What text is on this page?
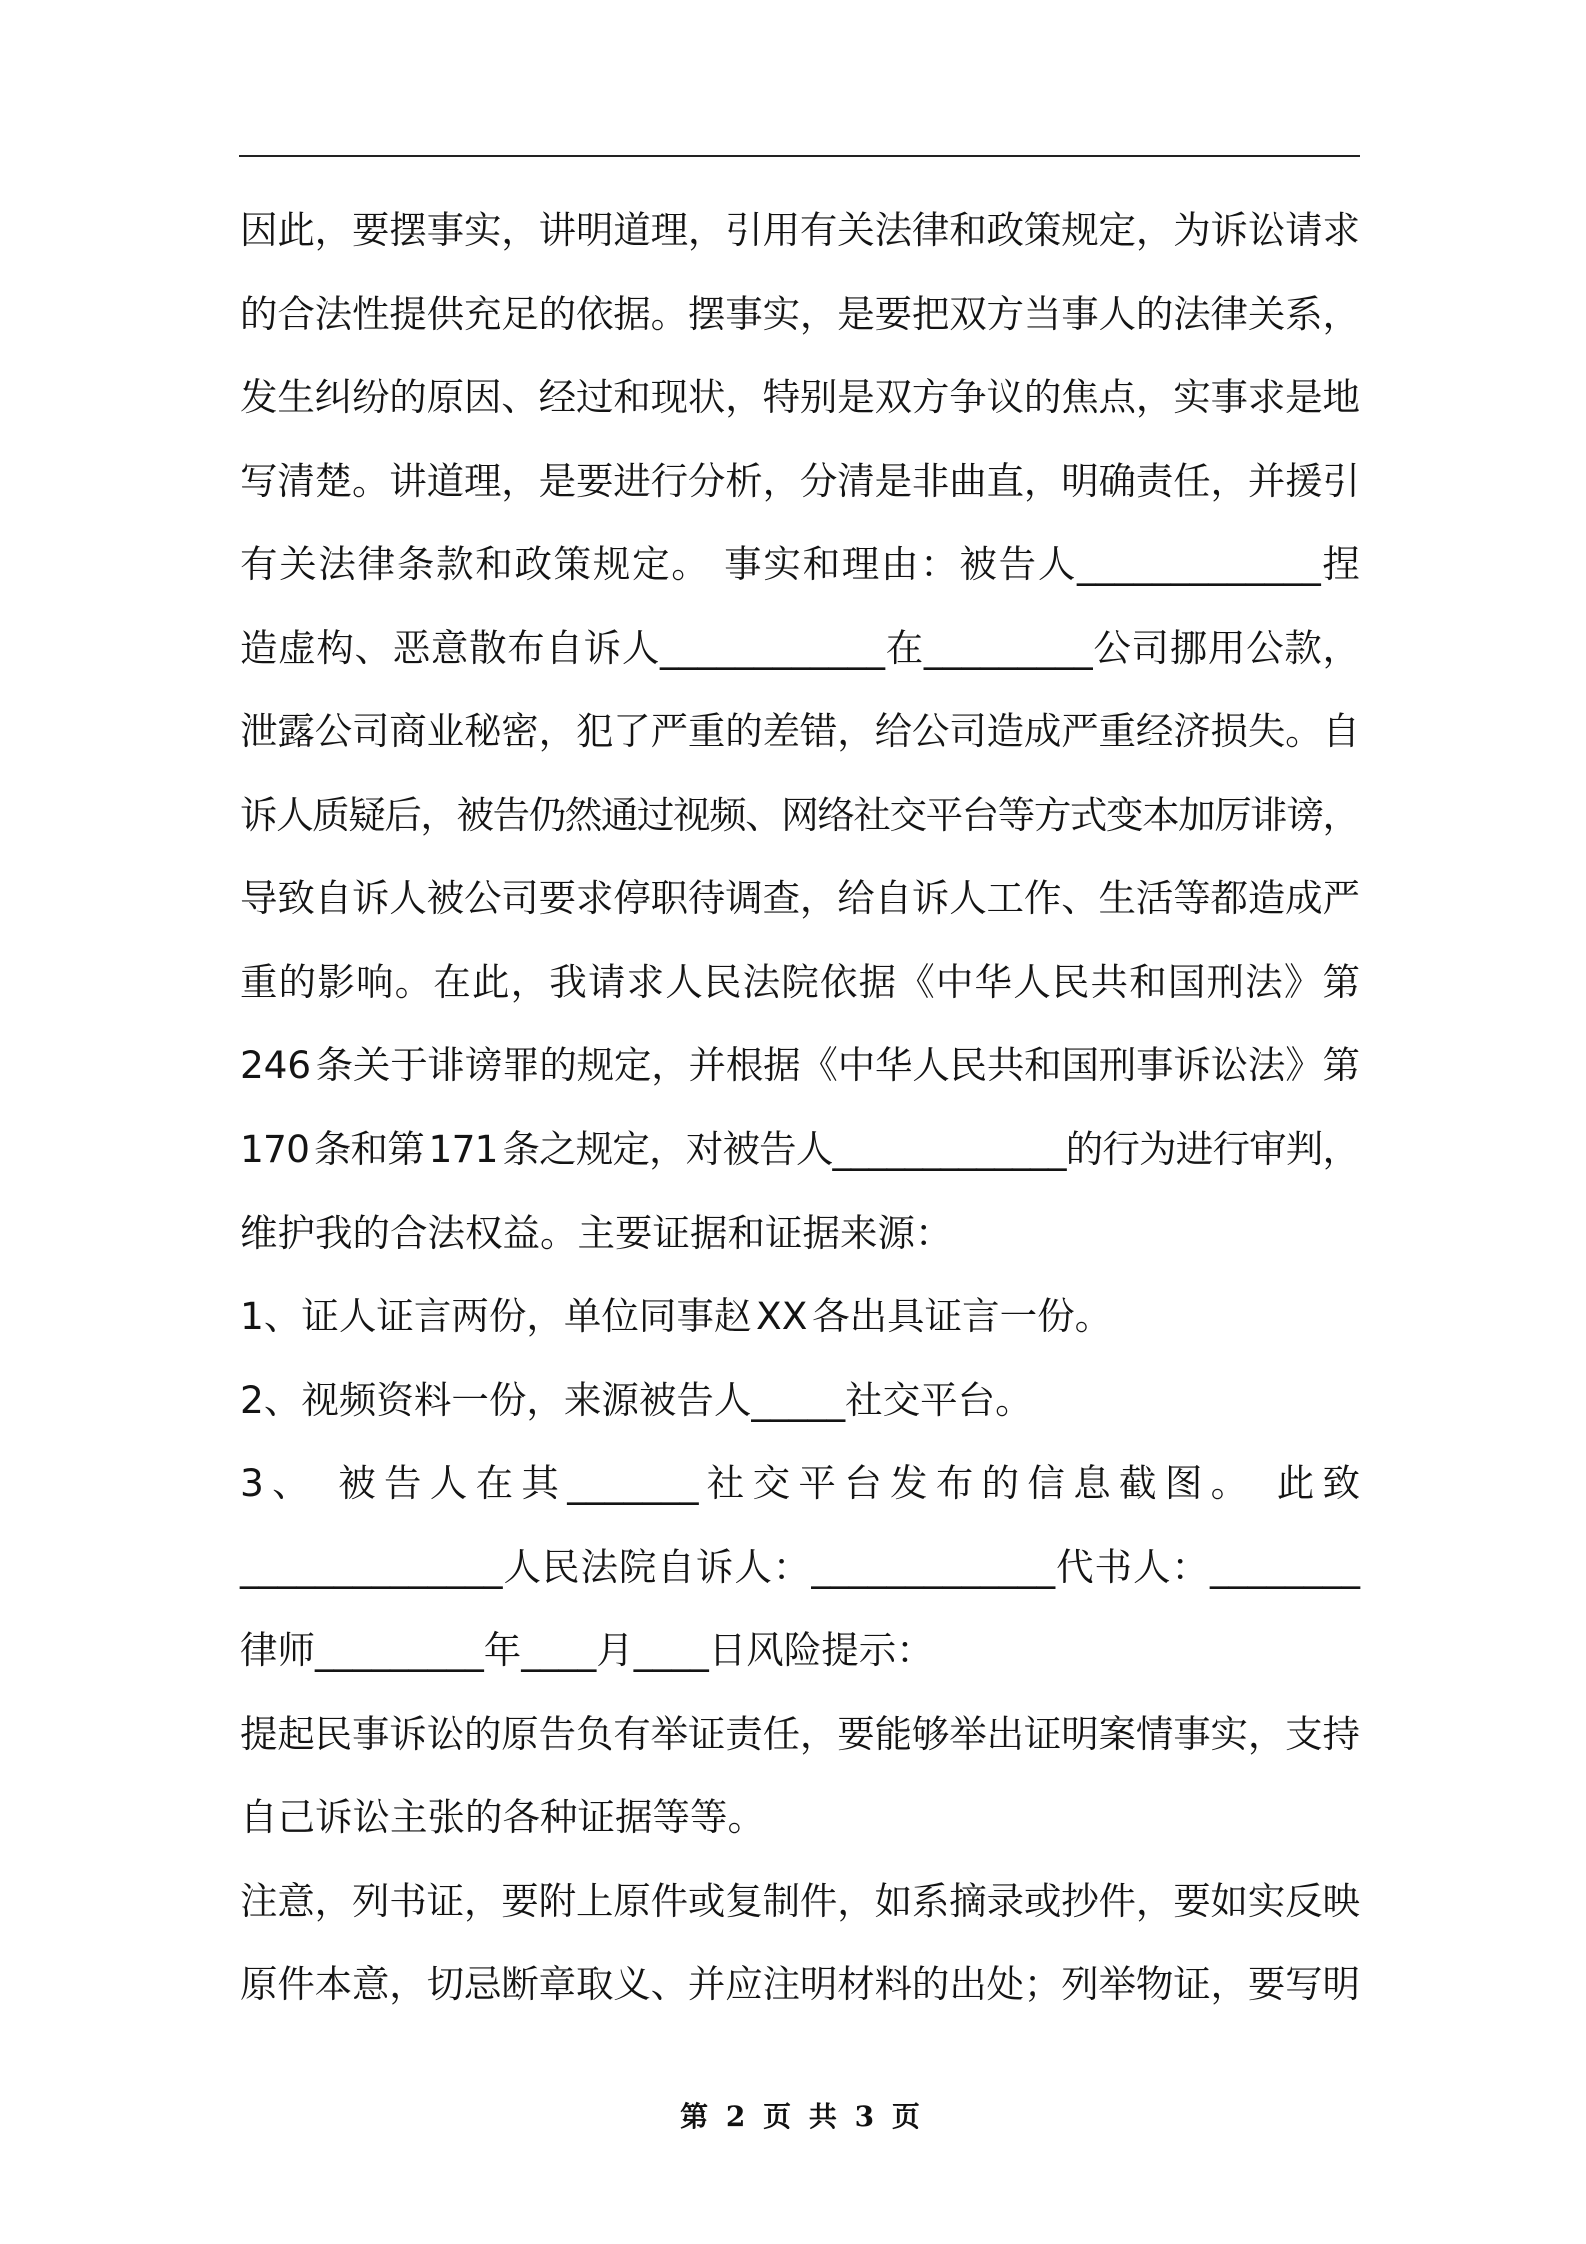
因此，要摆事实，讲明道理，引用有关法律和政策规定，为诉讼请求
的合法性提供充足的依据。摆事实，是要把双方当事人的法律关系，
发生纠纷的原因、经过和现状，特别是双方争议的焦点，实事求是地
写清楚。讲道理，是要进行分析，分清是非曲直，明确责任，并援引
有关法律条款和政策规定。 事实和理由：被告人_____________捏
造虚构、恶意散布自诉人____________在_________公司挪用公款，
泄露公司商业秘密，犯了严重的差错，给公司造成严重经济损失。自
诉人质疑后，被告仍然通过视频、网络社交平台等方式变本加厉诽谤，
导致自诉人被公司要求停职待调查，给自诉人工作、生活等都造成严
重的影响。在此，我请求人民法院依据《中华人民共和国刑法》第
246条关于诽谤罪的规定，并根据《中华人民共和国刑事诉讼法》第
170条和第171条之规定，对被告人_____________的行为进行审判，
维护我的合法权益。主要证据和证据来源：
1、证人证言两份，单位同事赵XX各出具证言一份。
2、视频资料一份，来源被告人_____社交平台。
3、 被告人在其_______社交平台发布的信息截图。 此致
______________人民法院自诉人：_____________代书人：________
律师_________年____月____日风险提示：
提起民事诉讼的原告负有举证责任，要能够举出证明案情事实，支持
自己诉讼主张的各种证据等等。
注意，列书证，要附上原件或复制件，如系摘录或抄件，要如实反映
原件本意，切忌断章取义、并应注明材料的出处；列举物证，要写明
第 2 页 共 3 页
